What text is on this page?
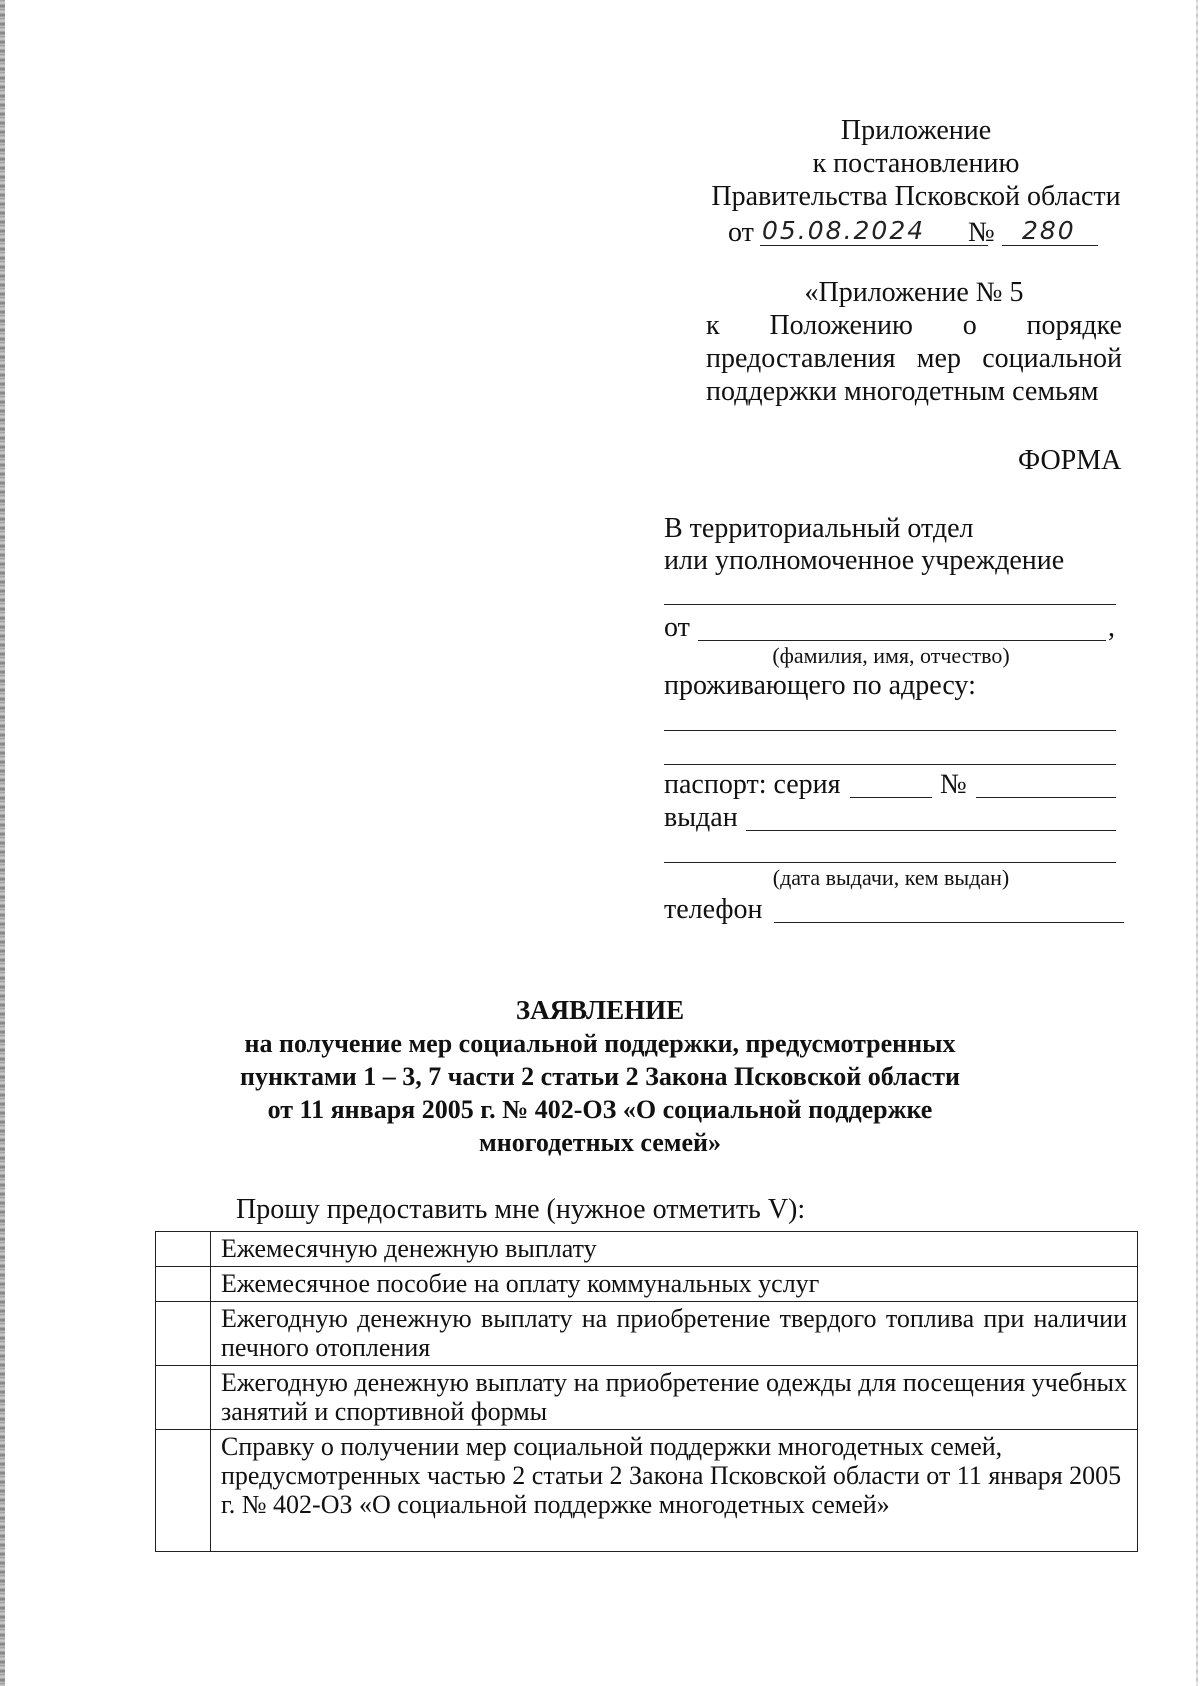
Приложение
к постановлению
Правительства Псковской области
от 05.08.2024 № 280
«Приложение № 5
к Положению о порядке
предоставления мер социальной
поддержки многодетным семьям
ФОРМА
В территориальный отдел
или уполномоченное учреждение
от	,
(фамилия, имя, отчество)
проживающего по адресу:
паспорт: серия	№
выдан
(дата выдачи, кем выдан)
телефон
ЗАЯВЛЕНИЕ
на получение мер социальной поддержки, предусмотренных
пунктами 1 – 3, 7 части 2 статьи 2 Закона Псковской области
от 11 января 2005 г. № 402-ОЗ «О социальной поддержке
многодетных семей»
Прошу предоставить мне (нужное отметить V):
	Ежемесячную денежную выплату
	Ежемесячное пособие на оплату коммунальных услуг
	Ежегодную денежную выплату на приобретение твердого топлива при наличии печного отопления
	Ежегодную денежную выплату на приобретение одежды для посещения учебных занятий и спортивной формы
	Справку о получении мер социальной поддержки многодетных семей, предусмотренных частью 2 статьи 2 Закона Псковской области от 11 января 2005 г. № 402-ОЗ «О социальной поддержке многодетных семей»
